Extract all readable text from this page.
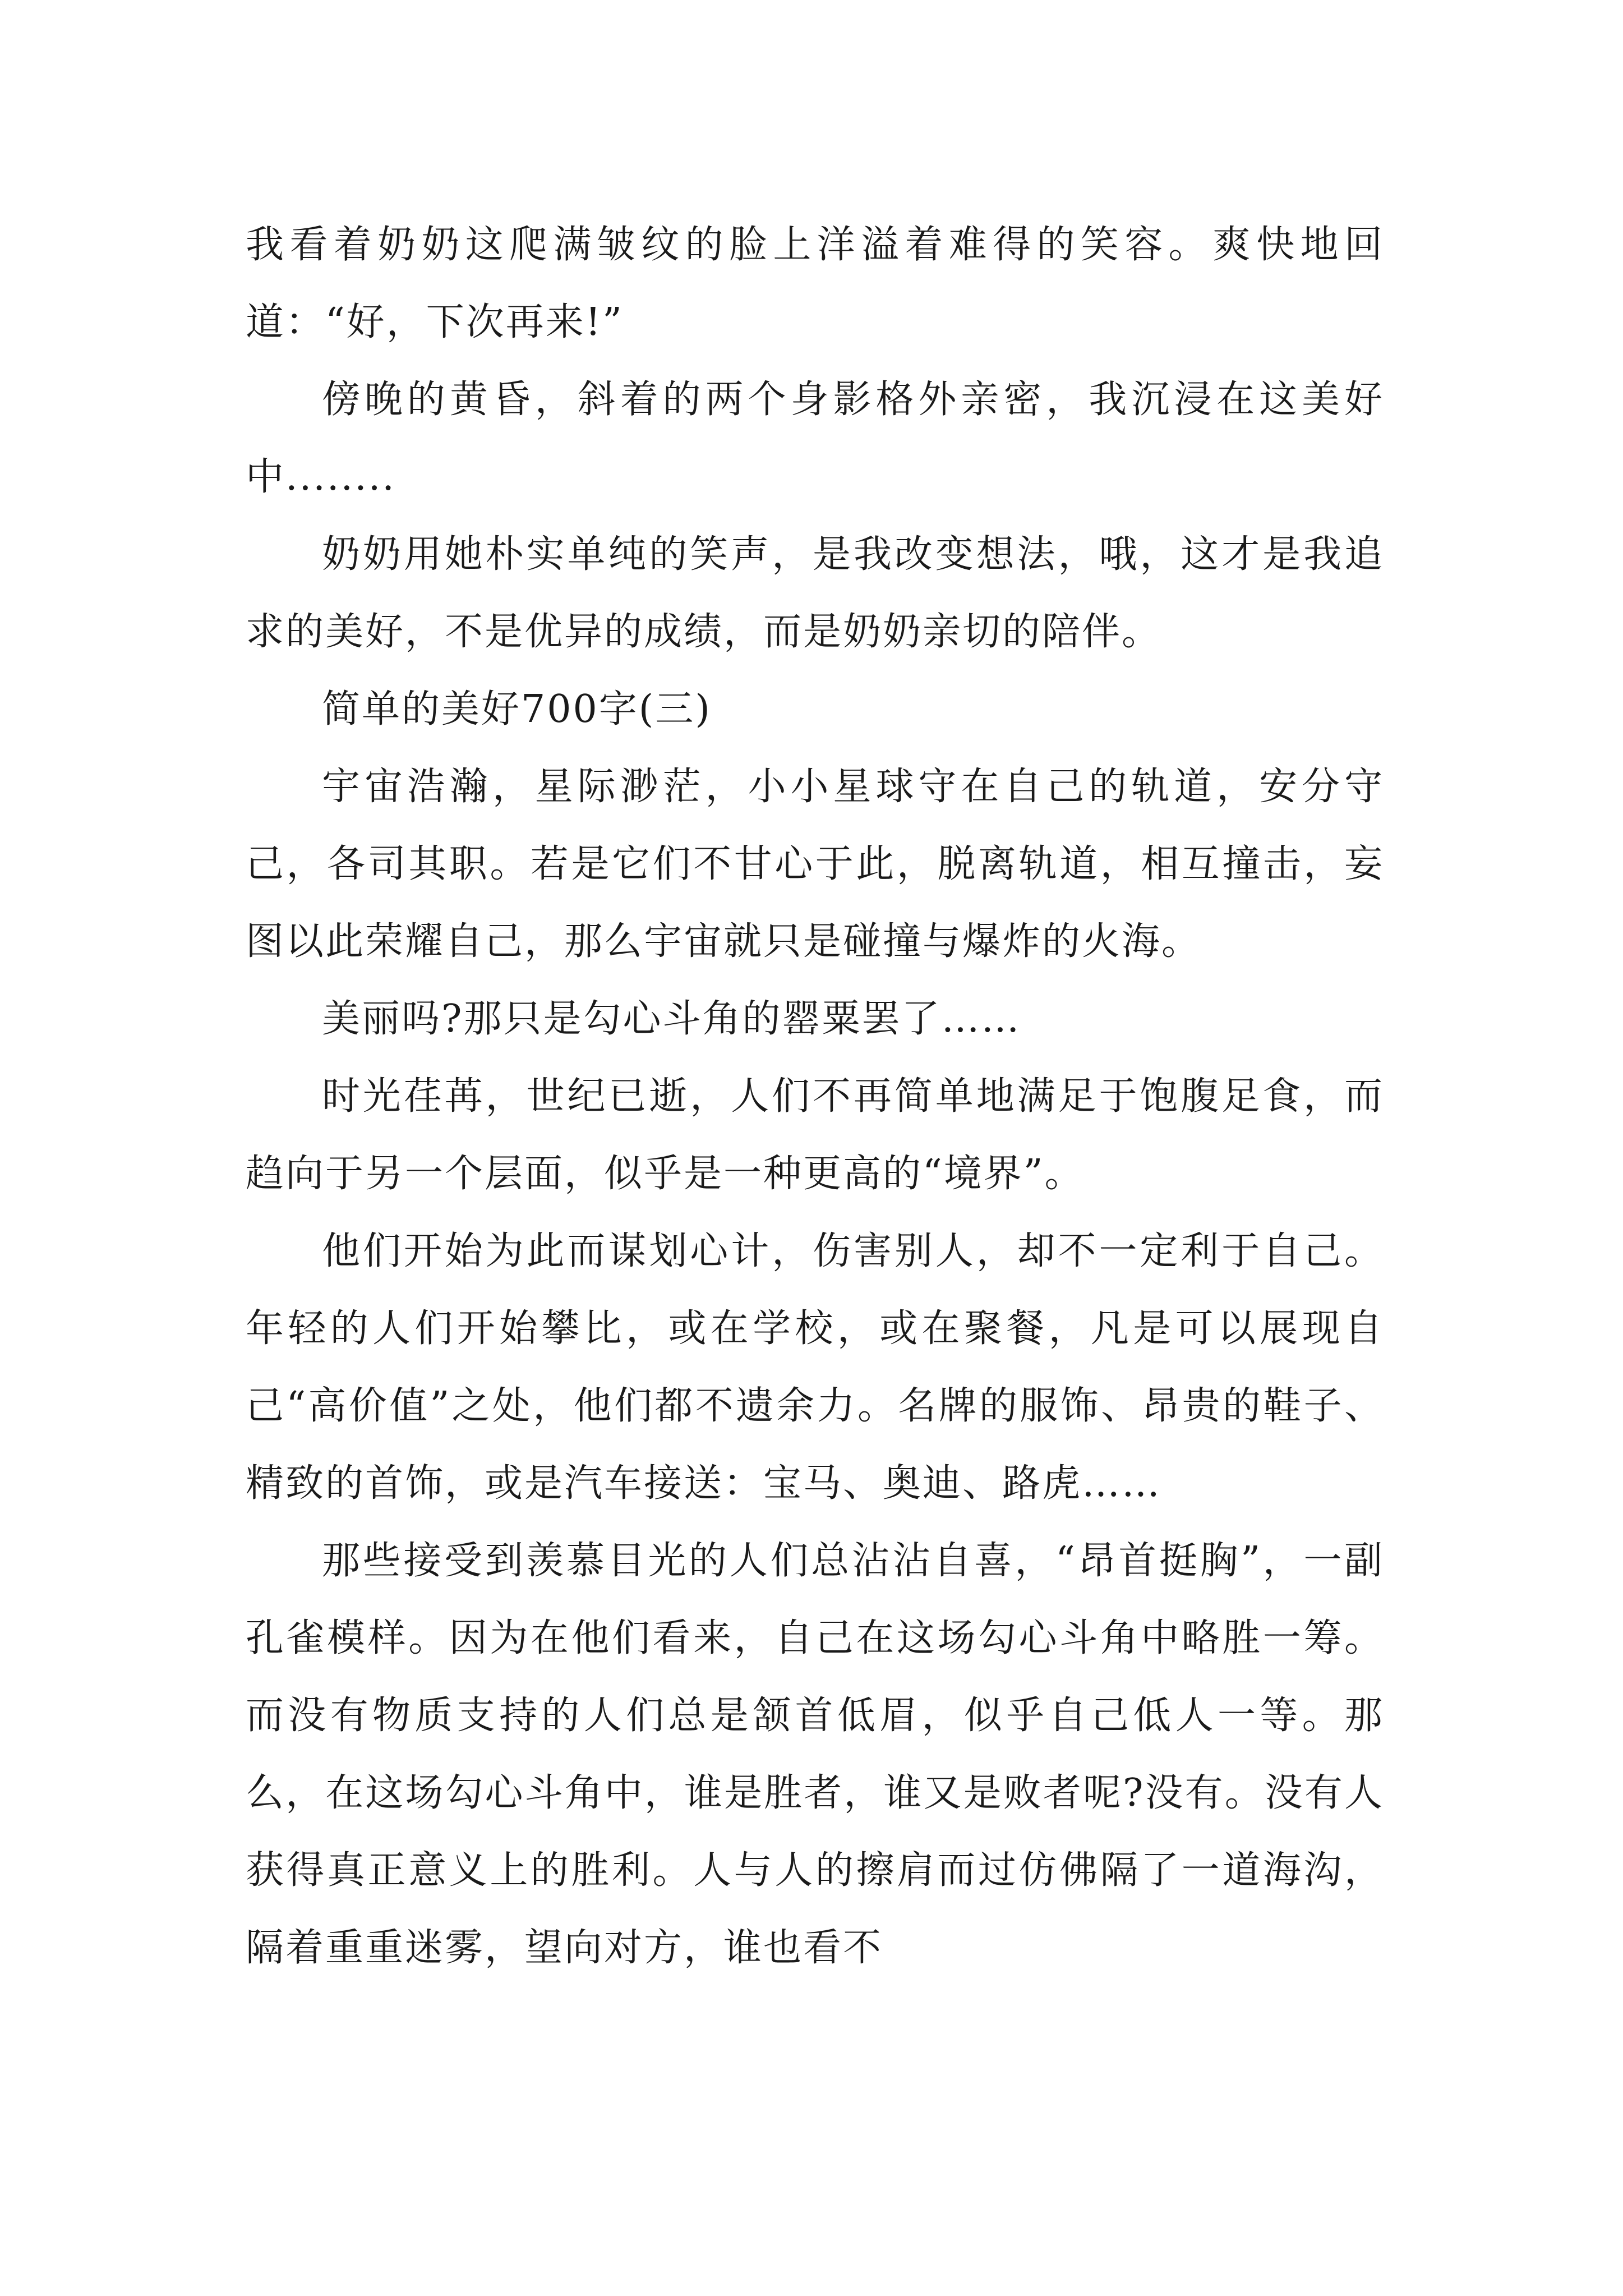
我看着奶奶这爬满皱纹的脸上洋溢着难得的笑容。爽快地回道：“好，下次再来!”

傍晚的黄昏，斜着的两个身影格外亲密，我沉浸在这美好中........

奶奶用她朴实单纯的笑声，是我改变想法，哦，这才是我追求的美好，不是优异的成绩，而是奶奶亲切的陪伴。

简单的美好700字(三)

宇宙浩瀚，星际渺茫，小小星球守在自己的轨道，安分守己，各司其职。若是它们不甘心于此，脱离轨道，相互撞击，妄图以此荣耀自己，那么宇宙就只是碰撞与爆炸的火海。

美丽吗?那只是勾心斗角的罂粟罢了……

时光荏苒，世纪已逝，人们不再简单地满足于饱腹足食，而趋向于另一个层面，似乎是一种更高的“境界”。

他们开始为此而谋划心计，伤害别人，却不一定利于自己。年轻的人们开始攀比，或在学校，或在聚餐，凡是可以展现自己“高价值”之处，他们都不遗余力。名牌的服饰、昂贵的鞋子、精致的首饰，或是汽车接送：宝马、奥迪、路虎……

那些接受到羡慕目光的人们总沾沾自喜，“昂首挺胸”，一副孔雀模样。因为在他们看来，自己在这场勾心斗角中略胜一筹。而没有物质支持的人们总是颔首低眉，似乎自己低人一等。那么，在这场勾心斗角中，谁是胜者，谁又是败者呢?没有。没有人获得真正意义上的胜利。人与人的擦肩而过仿佛隔了一道海沟，隔着重重迷雾，望向对方，谁也看不
